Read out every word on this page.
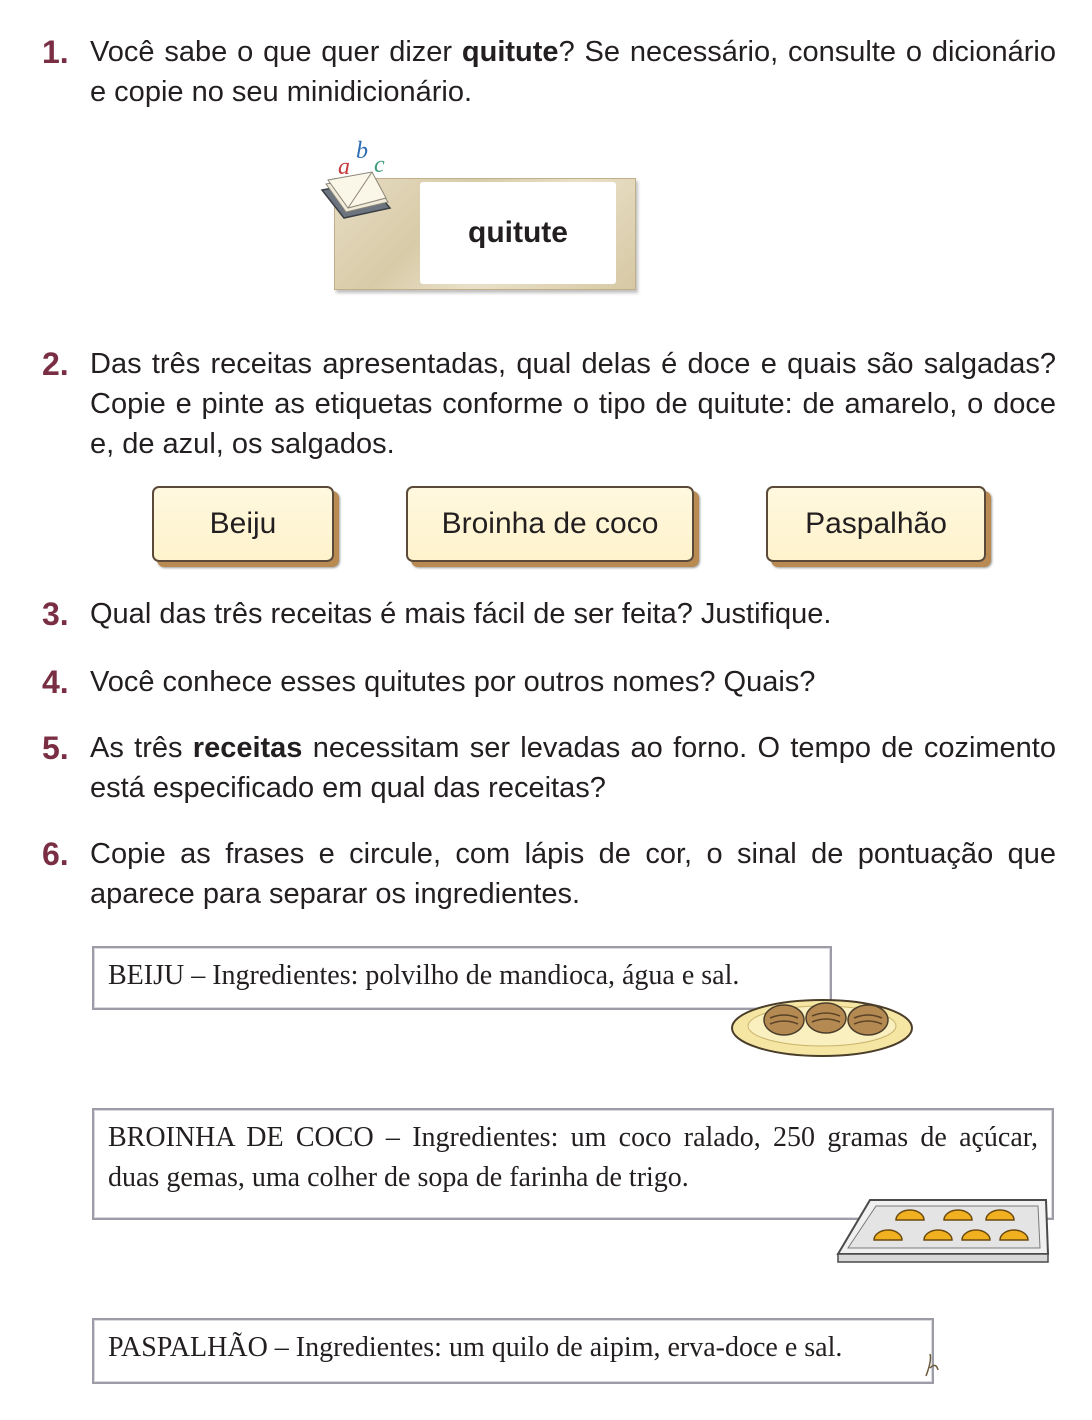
1. Você sabe o que quer dizer quitute? Se necessário, consulte o dicionário e copie no seu minidicionário.
quitute
a
b
c
2. Das três receitas apresentadas, qual delas é doce e quais são salgadas? Copie e pinte as etiquetas conforme o tipo de quitute: de amarelo, o doce e, de azul, os salgados.
Beiju	Broinha de coco	Paspalhão
3. Qual das três receitas é mais fácil de ser feita? Justifique.
4. Você conhece esses quitutes por outros nomes? Quais?
5. As três receitas necessitam ser levadas ao forno. O tempo de cozimento está especificado em qual das receitas?
6. Copie as frases e circule, com lápis de cor, o sinal de pontuação que aparece para separar os ingredientes.
BEIJU – Ingredientes: polvilho de mandioca, água e sal.
BROINHA DE COCO – Ingredientes: um coco ralado, 250 gramas de açúcar, duas gemas, uma colher de sopa de farinha de trigo.
PASPALHÃO – Ingredientes: um quilo de aipim, erva-doce e sal.
